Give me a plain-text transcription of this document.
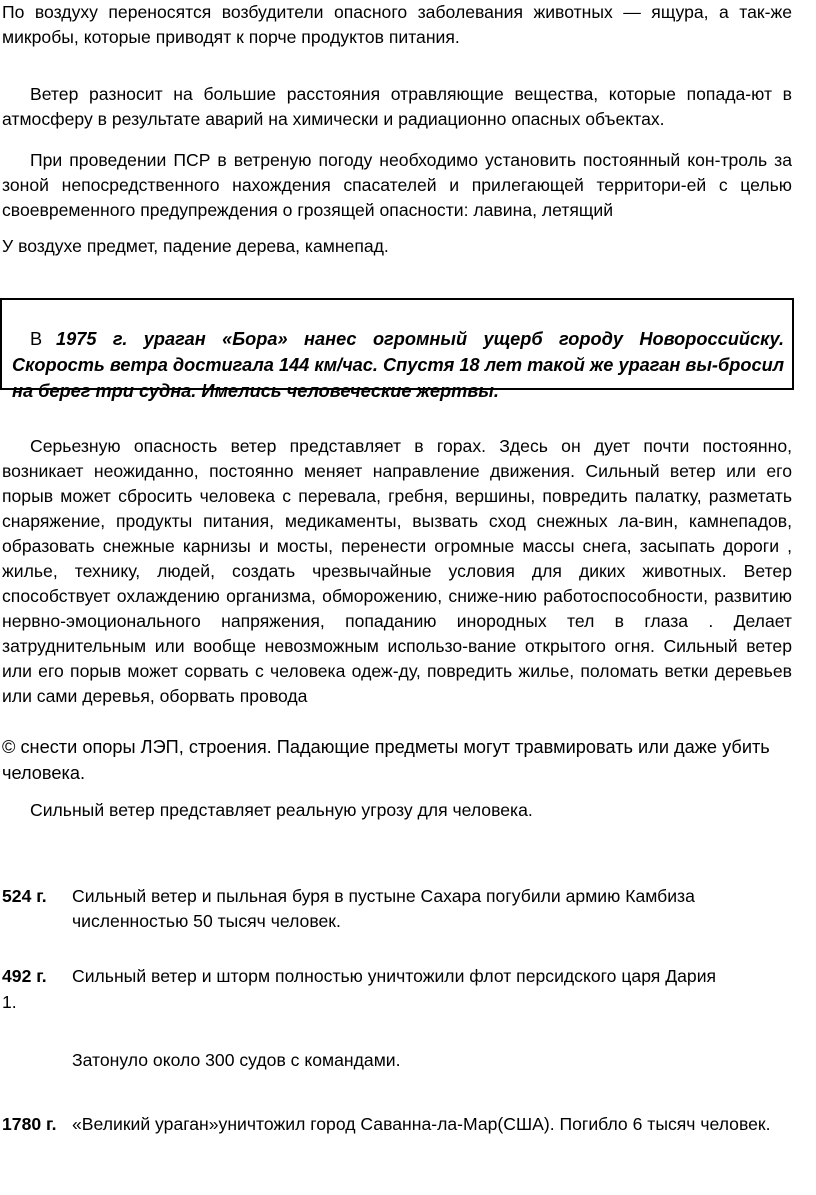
По воздуху переносятся возбудители опасного заболевания животных — ящура, а так-же микробы, которые приводят к порче продуктов питания.

Ветер разносит на большие расстояния отравляющие вещества, которые попада-ют в атмосферу в результате аварий на химически и радиационно опасных объектах.

При проведении ПСР в ветреную погоду необходимо установить постоянный кон-троль за зоной непосредственного нахождения спасателей и прилегающей территори-ей с целью своевременного предупреждения о грозящей опасности: лавина, летящий

У воздухе предмет, падение дерева, камнепад.

В 1975 г. ураган «Бора» нанес огромный ущерб городу Новороссийску. Скорость ветра достигала 144 км/час. Спустя 18 лет такой же ураган вы-бросил на берег три судна. Имелись человеческие жертвы.

Серьезную опасность ветер представляет в горах. Здесь он дует почти постоянно, возникает неожиданно, постоянно меняет направление движения. Сильный ветер или его порыв может сбросить человека с перевала, гребня, вершины, повредить палатку, разметать снаряжение, продукты питания, медикаменты, вызвать сход снежных ла-вин, камнепадов, образовать снежные карнизы и мосты, перенести огромные массы снега, засыпать дороги , жилье, технику, людей, создать чрезвычайные условия для диких животных. Ветер способствует охлаждению организма, обморожению, сниже-нию работоспособности, развитию нервно-эмоционального напряжения, попаданию инородных тел в глаза . Делает затруднительным или вообще невозможным использо-вание открытого огня. Сильный ветер или его порыв может сорвать с человека одеж-ду, повредить жилье, поломать ветки деревьев или сами деревья, оборвать провода

© снести опоры ЛЭП, строения. Падающие предметы могут травмировать или даже убить человека.

Сильный ветер представляет реальную угрозу для человека.

524 г. Сильный ветер и пыльная буря в пустыне Сахара погубили армию Камбиза численностью 50 тысяч человек.
492 г. Сильный ветер и шторм полностью уничтожили флот персидского царя Дария
1.

Затонуло около 300 судов с командами.

1780 г. «Великий ураган»уничтожил город Саванна-ла-Мар(США). Погибло 6 тысяч человек.
